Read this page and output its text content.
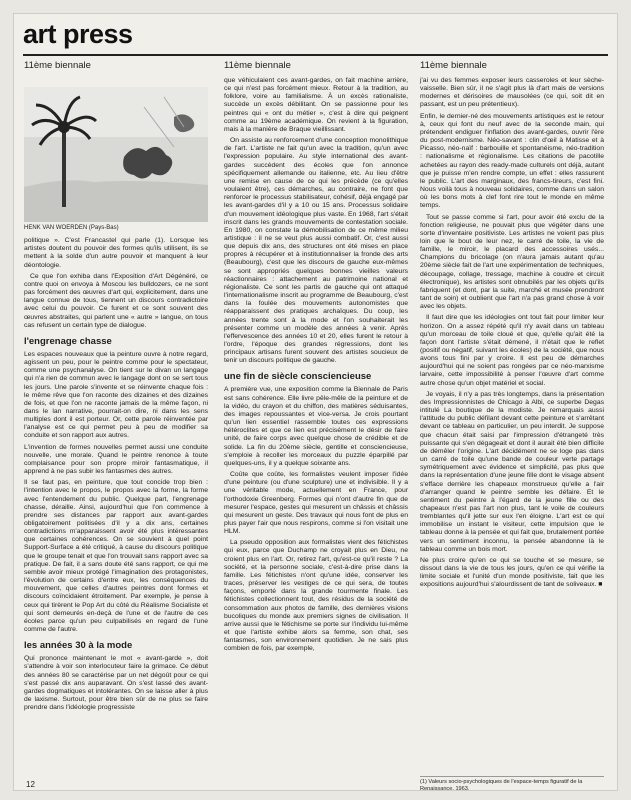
art press
11ème biennale
HENK VAN WOERDEN (Pays-Bas)

politique ». C'est Francastel qui parle (1). Lorsque les artistes doutent du pouvoir des formes qu'ils utilisent, ils se mettent à la solde d'un autre pouvoir et manquent à leur déontologie.

Ce que l'on exhiba dans l'Exposition d'Art Dégénéré, ce contre quoi on envoya à Moscou les bulldozers, ce ne sont pas forcément des œuvres d'art qui, explicitement, dans une langue connue de tous, tiennent un discours contradictoire avec celui du pouvoir. Ce furent et ce sont souvent des œuvres abstraites, qui parlent une « autre » langue, on tous cas refusent un certain type de dialogue.

l'engrenage chasse

Les espaces nouveaux que la peinture ouvre à notre regard, agissent un peu, pour le peintre comme pour le spectateur, comme une psychanalyse. On tient sur le divan un langage qui n'a rien de commun avec le langage dont on se sert tous les jours. Une parole s'invente et se réinvente chaque fois : le même rêve que l'on raconte des dizaines et des dizaines de fois, et que l'on ne raconte jamais de la même façon, ni dans le lan narrative, pourrait-on dire, ni dans les sens multiples dont il est porteur. Or, cette parole réinventée par l'analyse est ce qui permet peu à peu de modifier sa conduite et son rapport aux autres.

L'invention de formes nouvelles permet aussi une conduite nouvelle, une morale. Quand le peintre renonce à toute complaisance pour son propre miroir fantasmatique, il apprend à ne pas subir les fantasmes des autres.

Il se faut pas, en peinture, que tout concide trop bien : l'intention avec le propos, le propos avec la forme, la forme avec l'entendement du public. Quelque part, l'engrenage chasse, déraille. Ainsi, aujourd'hui que l'on commence à prendre ses distances par rapport aux avant-gardes obligatoirement politisées d'il y a dix ans, certaines contradictions m'apparaissent avoir été plus intéressantes que certaines cohérences. On se souvient à quel point Support-Surface a été critiqué, à cause du discours politique que le groupe tenait et que l'on trouvait sans rapport avec sa pratique. De fait, il a sans doute été sans rapport, ce qui me semble avoir mieux protégé l'imagination des protagonistes, l'évolution de certains d'entre eux, les conséquences du mouvement, que celles d'autres peintres dont formes et discours coïncidaient étroitement. Par exemple, je pense à ceux qui tirèrent le Pop Art du côté du Réalisme Socialiste et qui sont demeurés en-deçà de l'une et de l'autre de ces écoles parce qu'un peu culpabilisés en regard de l'une comme de l'autre.

les années 30 à la mode

Qui prononce maintenant le mot « avant-garde », doit s'attendre à voir son interlocuteur faire la grimace. Ce début des années 80 se caractérise par un net dégoût pour ce qui s'est passé dix ans auparavant. On s'est lassé des avant-gardes dogmatiques et intolérantes. On se laisse aller à plus de laxisme. Surtout, pour être bien sûr de ne plus se faire prendre dans l'idéologie progressiste

11ème biennale

que véhiculaient ces avant-gardes, on fait machine arrière, ce qui n'est pas forcément mieux. Retour à la tradition, au folklore, voire au familialisme. À un excès rationaliste, succède un excès débilitant. On se passionne pour les peintres qui « ont du métier », c'est à dire qui peignent comme au 19ème académique. On revient à la figuration, mais à la manière de Braque vieillissant.

On assiste au renforcement d'une conception monolithique de l'art. L'artiste ne fait qu'un avec la tradition, qu'un avec l'expression populaire. Au style international des avant-gardes succèdent des écoles que l'on annonce spécifiquement allemande ou italienne, etc. Au lieu d'être une remise en cause de ce qui les précède (ce qu'elles voulaient être), ces démarches, au contraire, ne font que renforcer le processus stabilisateur, cohésif, déjà engagé par les avant-gardes d'il y a 10 ou 15 ans. Processus solidaire d'un mouvement idéologique plus vaste. En 1968, l'art s'était inscrit dans les grands mouvements de contestation sociale. En 1980, on constate la démobilisation de ce même milieu artistique : il ne se veut plus aussi combatif. Or, c'est aussi que depuis dix ans, des structures ont été mises en place propres à récupérer et à institutionnaliser la fronde des arts (Beaubourg), c'est que les discours de gauche eux-mêmes se sont appropriés quelques bonnes vieilles valeurs réactionnaires : attachement au patrimoine national et régionaliste. Ce sont les partis de gauche qui ont attaqué l'internationalisme inscrit au programme de Beaubourg, c'est dans la foulée des mouvements autonomistes que réapparaissent des pratiques archaïques. Du coup, les années trente sont à la mode et l'on souhaiterait les présenter comme un modèle des années à venir. Après l'effervescence des années 10 et 20, elles furent le retour à l'ordre, l'époque des grandes régressions, dont les principaux artisans furent souvent des artistes soucieux de tenir un discours politique de gauche.

une fin de siècle consciencieuse

A première vue, une exposition comme la Biennale de Paris est sans cohérence. Elle livre pêle-mêle de la peinture et de la vidéo, du crayon et du chiffon, des matières séduisantes, des images repoussantes et vice-versa. Je crois pourtant qu'un lien essentiel rassemble toutes ces expressions hétéroclites et que ce lien est précisément le désir de faire unité, de faire corps avec quelque chose de crédible et de solide. La fin du 20ème siècle, gentille et consciencieuse, s'emploie à recoller les morceaux du puzzle éparpillé par quelques-uns, il y a quelque soixante ans.

Coûte que coûte, les formalistes veulent imposer l'idée d'une peinture (ou d'une sculpture) une et indivisible. Il y a une véritable mode, actuellement en France, pour l'orthodoxie Greenberg. Formes qui n'ont d'autre fin que de mesurer l'espace, gestes qui mesurent un châssis et châssis qui mesurent un geste. Des travaux qui nous font de plus en plus payer l'air que nous respirons, comme si l'on visitait une HLM.

La pseudo opposition aux formalistes vient des fétichistes qui eux, parce que Duchamp ne croyait plus en Dieu, ne croient plus en l'art. Or, retirez l'art, qu'est-ce qu'il reste ? La société, et la personne sociale, c'est-à-dire prise dans la famille. Les fétichistes n'ont qu'une idée, conserver les traces, préserver les vestiges de ce qui sera, de toutes façons, emporté dans la grande tourmente finale. Les fétichistes collectionnent tout, des résidus de la société de consommation aux photos de famille, des dernières visions bucoliques du monde aux premiers signes de civilisation. Il arrive aussi que le fétichisme se porte sur l'individu lui-même et que l'artiste exhibe alors sa femme, son chat, ses fantasmes, son environnement quotidien. Je ne sais plus combien de fois, par exemple,

11ème biennale

j'ai vu des femmes exposer leurs casseroles et leur sèche-vaisselle. Bien sûr, il ne s'agit plus là d'art mais de versions modernes et dérisoires de mausolées (ce qui, soit dit en passant, est un peu prétentieux).

Enfin, le dernier-né des mouvements artistiques est le retour à, ceux qui font du neuf avec de la seconde main, qui prétendent endiguer l'inflation des avant-gardes, ouvrir l'ère du post-modernisme. Néo-savant : clin d'œil à Matisse et à Picasso, néo-naïf : barbouille et spontanéisme, néo-tradition : nationalisme et régionalisme. Les citations de pacotille achetées au rayon des ready-made culturels ont déjà, autant que je puisse m'en rendre compte, un effet : elles rassurent le public. L'art des marginaux, des francs-tireurs, c'est fini. Nous voilà tous à nouveau solidaires, comme dans un salon où les bons mots à clef font rire tout le monde en même temps.

Tout se passe comme si l'art, pour avoir été exclu de la fonction religieuse, ne pouvait plus que végéter dans une sorte d'inventaire positiviste. Les artistes ne voient pas plus loin que le bout de leur nez, le carré de toile, la vie de famille, le miroir, le placard des accessoires usés... Champions du bricolage (on n'aura jamais autant qu'au 20ème siècle fait de l'art une expérimentation de techniques, découpage, collage, tressage, machine à coudre et circuit électronique), les artistes sont obnubilés par les objets qu'ils fabriquent (et dont, par la suite, marché et musée prendront tant de soin) et oublient que l'art n'a pas grand chose à voir avec les objets.

Il faut dire que les idéologies ont tout fait pour limiter leur horizon. On a assez répété qu'il n'y avait dans un tableau qu'un morceau de toile cloué et que, qu'elle qu'ait été la façon dont l'artiste s'était démené, il n'était que le reflet (positif ou négatif, suivant les écoles) de la société, que nous avons tous fini par y croire. Il est peu de démarches aujourd'hui qui ne soient pas rongées par ce néo-marxisme larvaire, cette impossibilité à penser l'œuvre d'art comme autre chose qu'un objet matériel et social.

Je voyais, il n'y a pas très longtemps, dans la présentation des Impressionnistes de Chicago à Albi, ce superbe Degas intitulé La boutique de la modiste. Je remarquais aussi l'attitude du public défilant devant cette peinture et s'arrêtant devant ce tableau en particulier, un peu interdit. Je suppose que chacun était saisi par l'impression d'étrangeté très puissante qui s'en dégageait et dont il aurait été bien difficile de démêler l'origine. L'art décidément ne se loge pas dans un carré de toile qu'une bande de couleur verte partage symétriquement avec évidence et simplicité, pas plus que dans la représentation d'une jeune fille dont le visage absent s'efface derrière les chapeaux monstrueux qu'elle a l'air d'arranger quand le peintre semble les défaire. Et le sentiment du peintre à l'égard de la jeune fille ou des chapeaux n'est pas l'art non plus, tant le voile de couleurs tremblantes qu'il jette sur eux l'en éloigne. L'art est ce qui immobilise un instant le visiteur, cette impulsion que le tableau donne à la pensée et qui fait que, brutalement portée vers un sentiment inconnu, la pensée abandonne là le tableau comme un bois mort.

Ne plus croire qu'en ce qui se touche et se mesure, se dissout dans la vie de tous les jours, qu'en ce qui vérifie la limite sociale et l'unité d'un monde positiviste, fait que les expositions aujourd'hui s'alourdissent de tant de soliveaux. ■

(1) Valeurs socio-psychologiques de l'espace-temps figuratif de la Renaissance, 1963.
12
